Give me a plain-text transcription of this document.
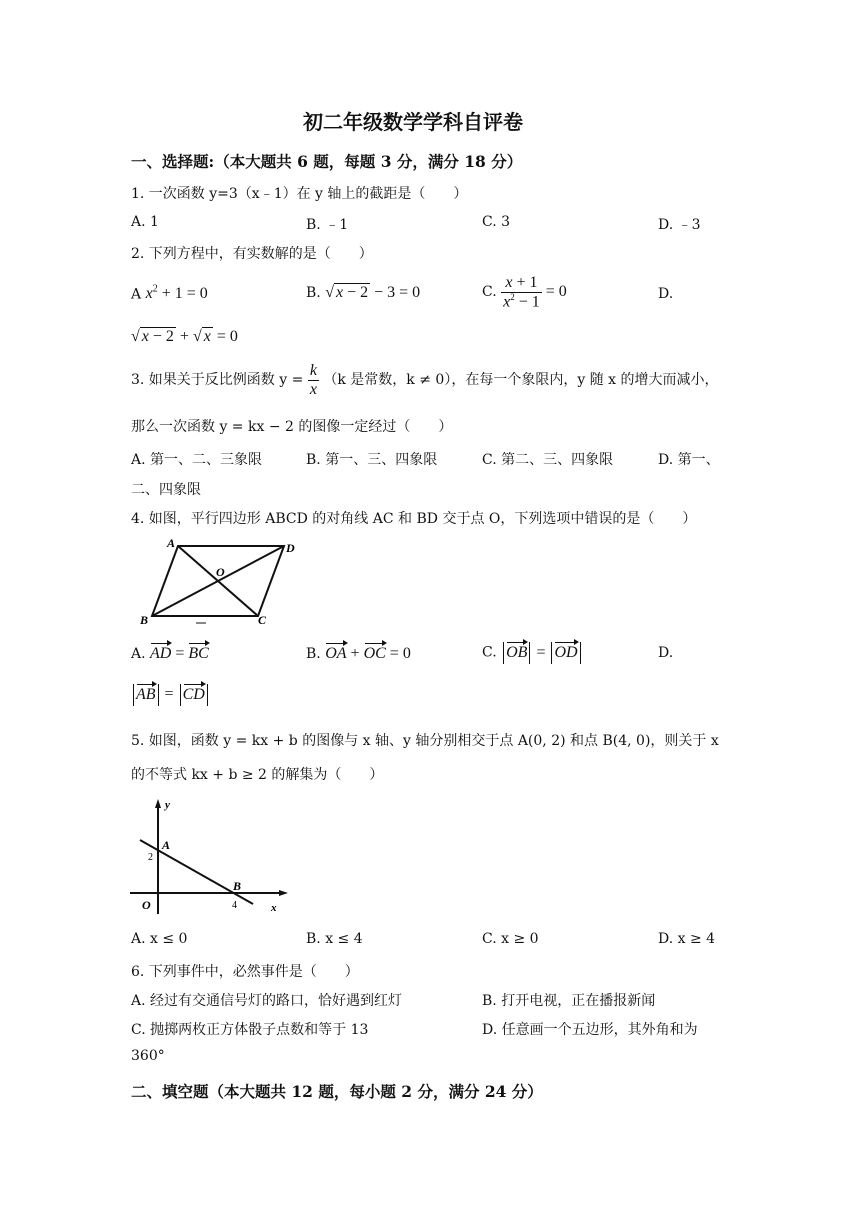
初二年级数学学科自评卷
一、选择题:（本大题共 6 题，每题 3 分，满分 18 分）
1. 一次函数 y=3（x﹣1）在 y 轴上的截距是（　　）
A. 1	B. ﹣1	C. 3	D. ﹣3
2. 下列方程中，有实数解的是（　　）
A $x^2 + 1 = 0$	B. √ x − 2 − 3 = 0	C. $\frac{x + 1}{x^2 - 1} = 0$	D.
√ x − 2 + √ x = 0
3. 如果关于反比例函数 $y = \frac{k}{x} (k$ 是常数，k ≠ 0），在每一个象限内，y 随 x 的增大而减小，
那么一次函数 y = kx − 2 的图像一定经过（　　）
A. 第一、二、三象限	B. 第一、三、四象限	C. 第二、三、四象限	D. 第一、
二、四象限
4. 如图，平行四边形 ABCD 的对角线 AC 和 BD 交于点 O，下列选项中错误的是（　　）
A	D
B	C
O
A. AD = BC	B. OA + OC = 0	C. OB = OD	D.
AB = CD
5. 如图，函数 y = kx + b 的图像与 x 轴、y 轴分别相交于点 A(0, 2) 和点 B(4, 0)，则关于 x
的不等式 kx + b ≥ 2 的解集为（　　）
y
x
A
B
O
2
4
A. x ≤ 0	B. x ≤ 4	C. x ≥ 0	D. x ≥ 4
6. 下列事件中，必然事件是（　　）
A. 经过有交通信号灯的路口，恰好遇到红灯	B. 打开电视，正在播报新闻
C. 抛掷两枚正方体骰子点数和等于 13	D. 任意画一个五边形，其外角和为
360°
二、填空题（本大题共 12 题，每小题 2 分，满分 24 分）
